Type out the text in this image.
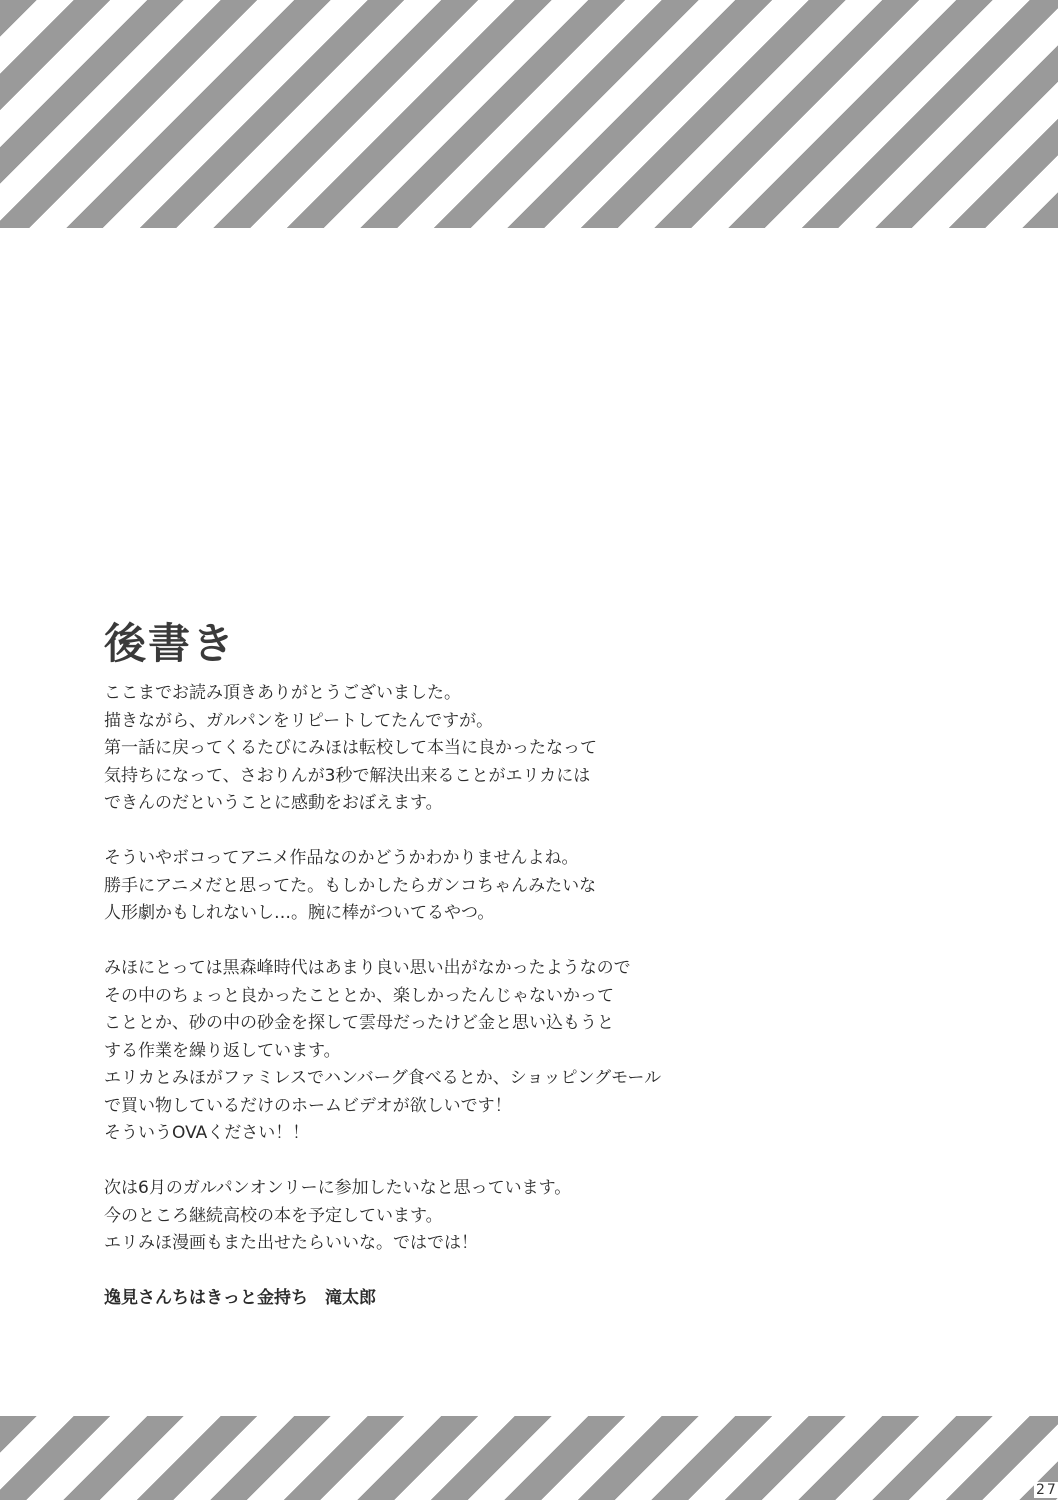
後書き
ここまでお読み頂きありがとうございました。
描きながら、ガルパンをリピートしてたんですが。
第一話に戻ってくるたびにみほは転校して本当に良かったなって
気持ちになって、さおりんが3秒で解決出来ることがエリカには
できんのだということに感動をおぼえます。
そういやボコってアニメ作品なのかどうかわかりませんよね。
勝手にアニメだと思ってた。もしかしたらガンコちゃんみたいな
人形劇かもしれないし…。腕に棒がついてるやつ。
みほにとっては黒森峰時代はあまり良い思い出がなかったようなので
その中のちょっと良かったこととか、楽しかったんじゃないかって
こととか、砂の中の砂金を探して雲母だったけど金と思い込もうと
する作業を繰り返しています。
エリカとみほがファミレスでハンバーグ食べるとか、ショッピングモール
で買い物しているだけのホームビデオが欲しいです！
そういうOVAください！！
次は6月のガルパンオンリーに参加したいなと思っています。
今のところ継続高校の本を予定しています。
エリみほ漫画もまた出せたらいいな。ではでは！
逸見さんちはきっと金持ち　滝太郎
27
